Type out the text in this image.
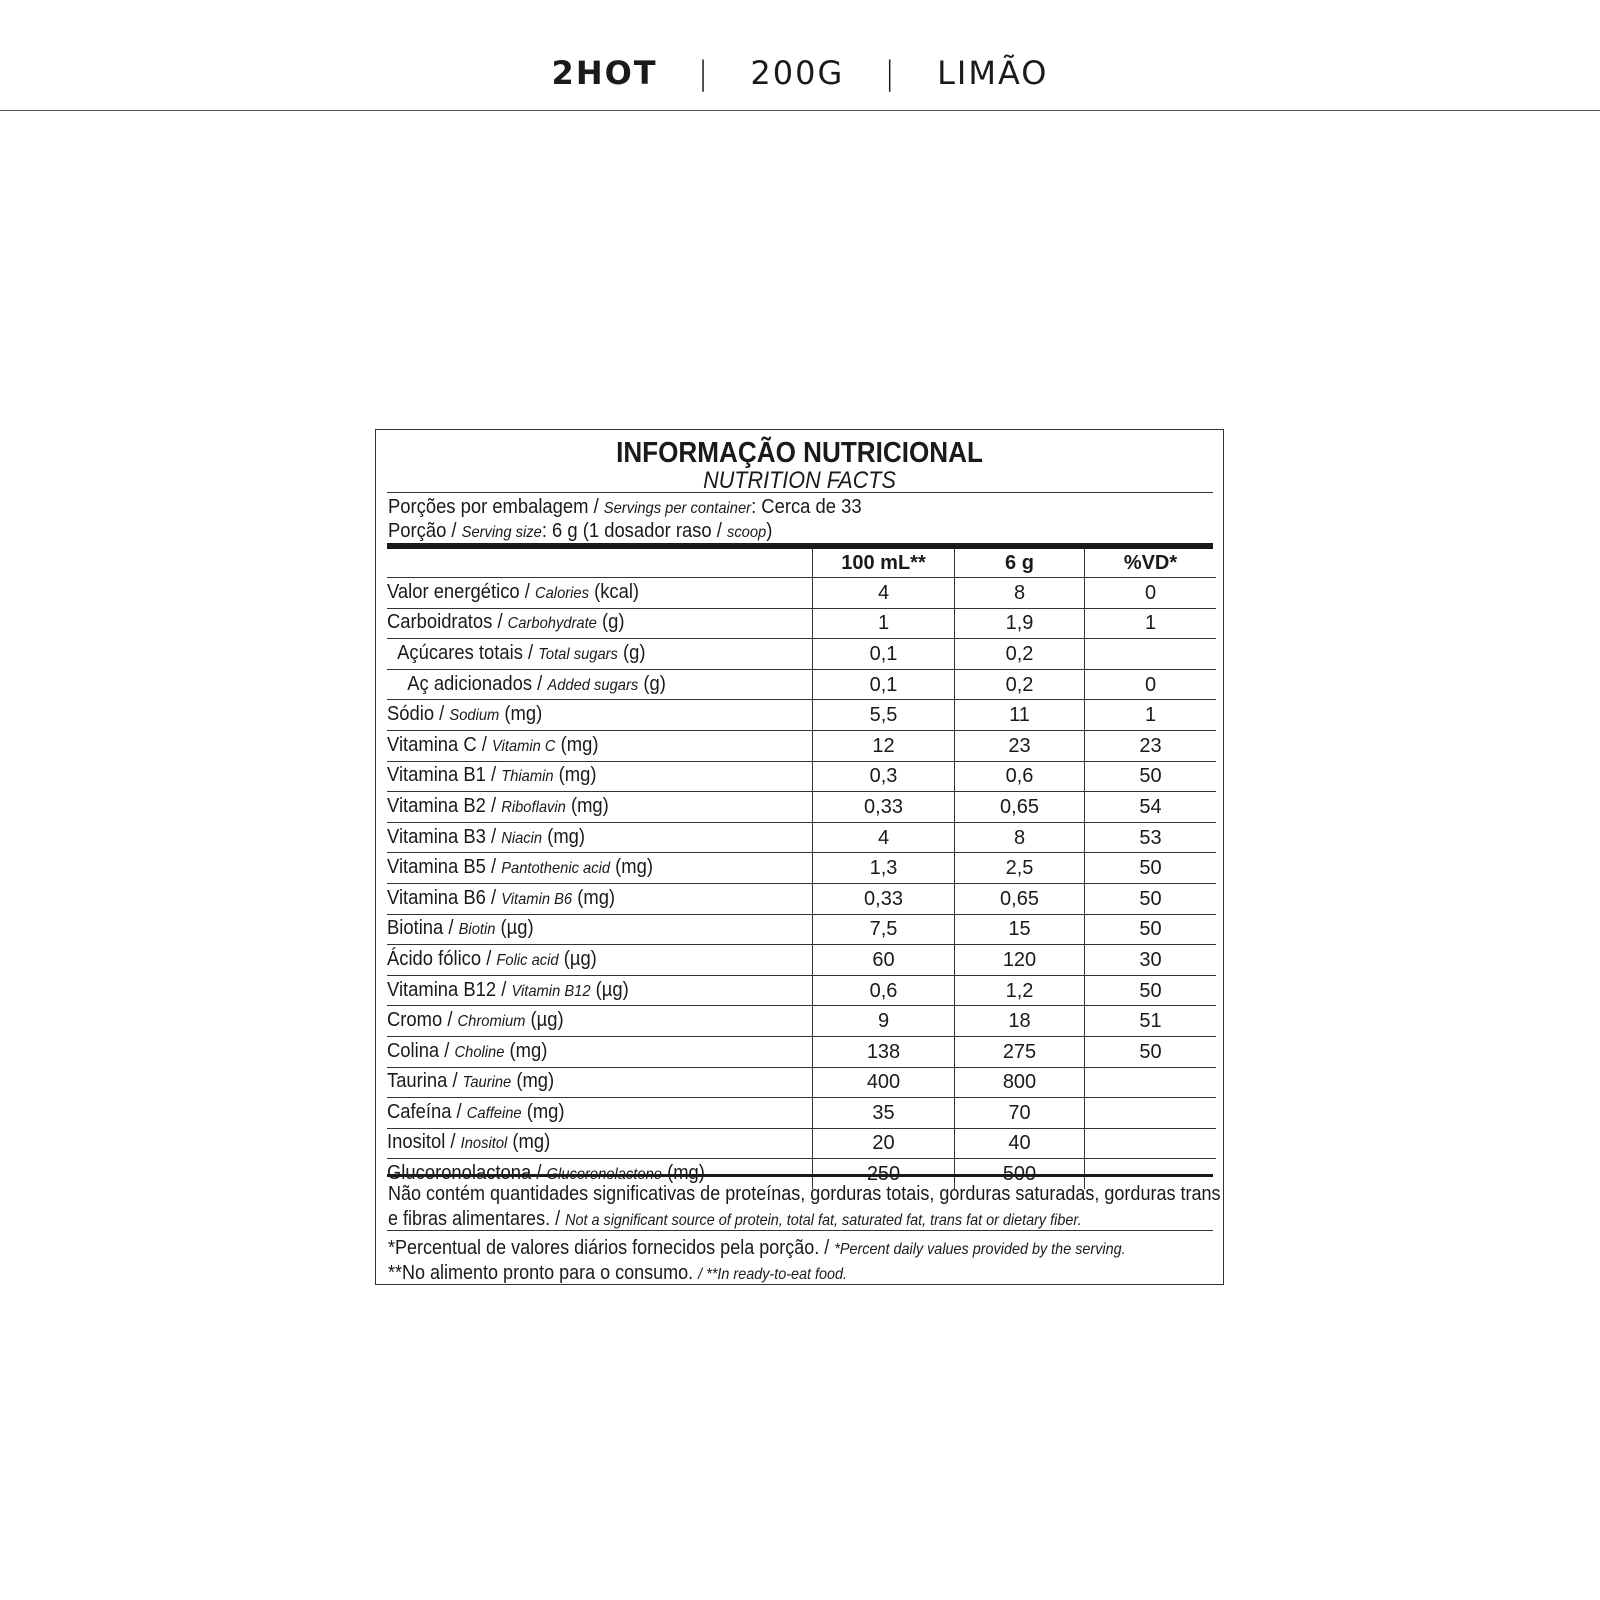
2HOT | 200G | LIMÃO
INFORMAÇÃO NUTRICIONAL
NUTRITION FACTS
Porções por embalagem / Servings per container: Cerca de 33
Porção / Serving size: 6 g (1 dosador raso / scoop)
	100 mL**	6 g	%VD*
Valor energético / Calories (kcal)	4	8	0
Carboidratos / Carbohydrate (g)	1	1,9	1
Açúcares totais / Total sugars (g)	0,1	0,2	
Aç adicionados / Added sugars (g)	0,1	0,2	0
Sódio / Sodium (mg)	5,5	11	1
Vitamina C / Vitamin C (mg)	12	23	23
Vitamina B1 / Thiamin (mg)	0,3	0,6	50
Vitamina B2 / Riboflavin (mg)	0,33	0,65	54
Vitamina B3 / Niacin (mg)	4	8	53
Vitamina B5 / Pantothenic acid (mg)	1,3	2,5	50
Vitamina B6 / Vitamin B6 (mg)	0,33	0,65	50
Biotina / Biotin (µg)	7,5	15	50
Ácido fólico / Folic acid (µg)	60	120	30
Vitamina B12 / Vitamin B12 (µg)	0,6	1,2	50
Cromo / Chromium (µg)	9	18	51
Colina / Choline (mg)	138	275	50
Taurina / Taurine (mg)	400	800	
Cafeína / Caffeine (mg)	35	70	
Inositol / Inositol (mg)	20	40	
Glucoronolactona / Glucoronolactone (mg)	250	500	
Não contém quantidades significativas de proteínas, gorduras totais, gorduras saturadas, gorduras trans
e fibras alimentares. / Not a significant source of protein, total fat, saturated fat, trans fat or dietary fiber.
*Percentual de valores diários fornecidos pela porção. / *Percent daily values provided by the serving.
**No alimento pronto para o consumo. / **In ready-to-eat food.
